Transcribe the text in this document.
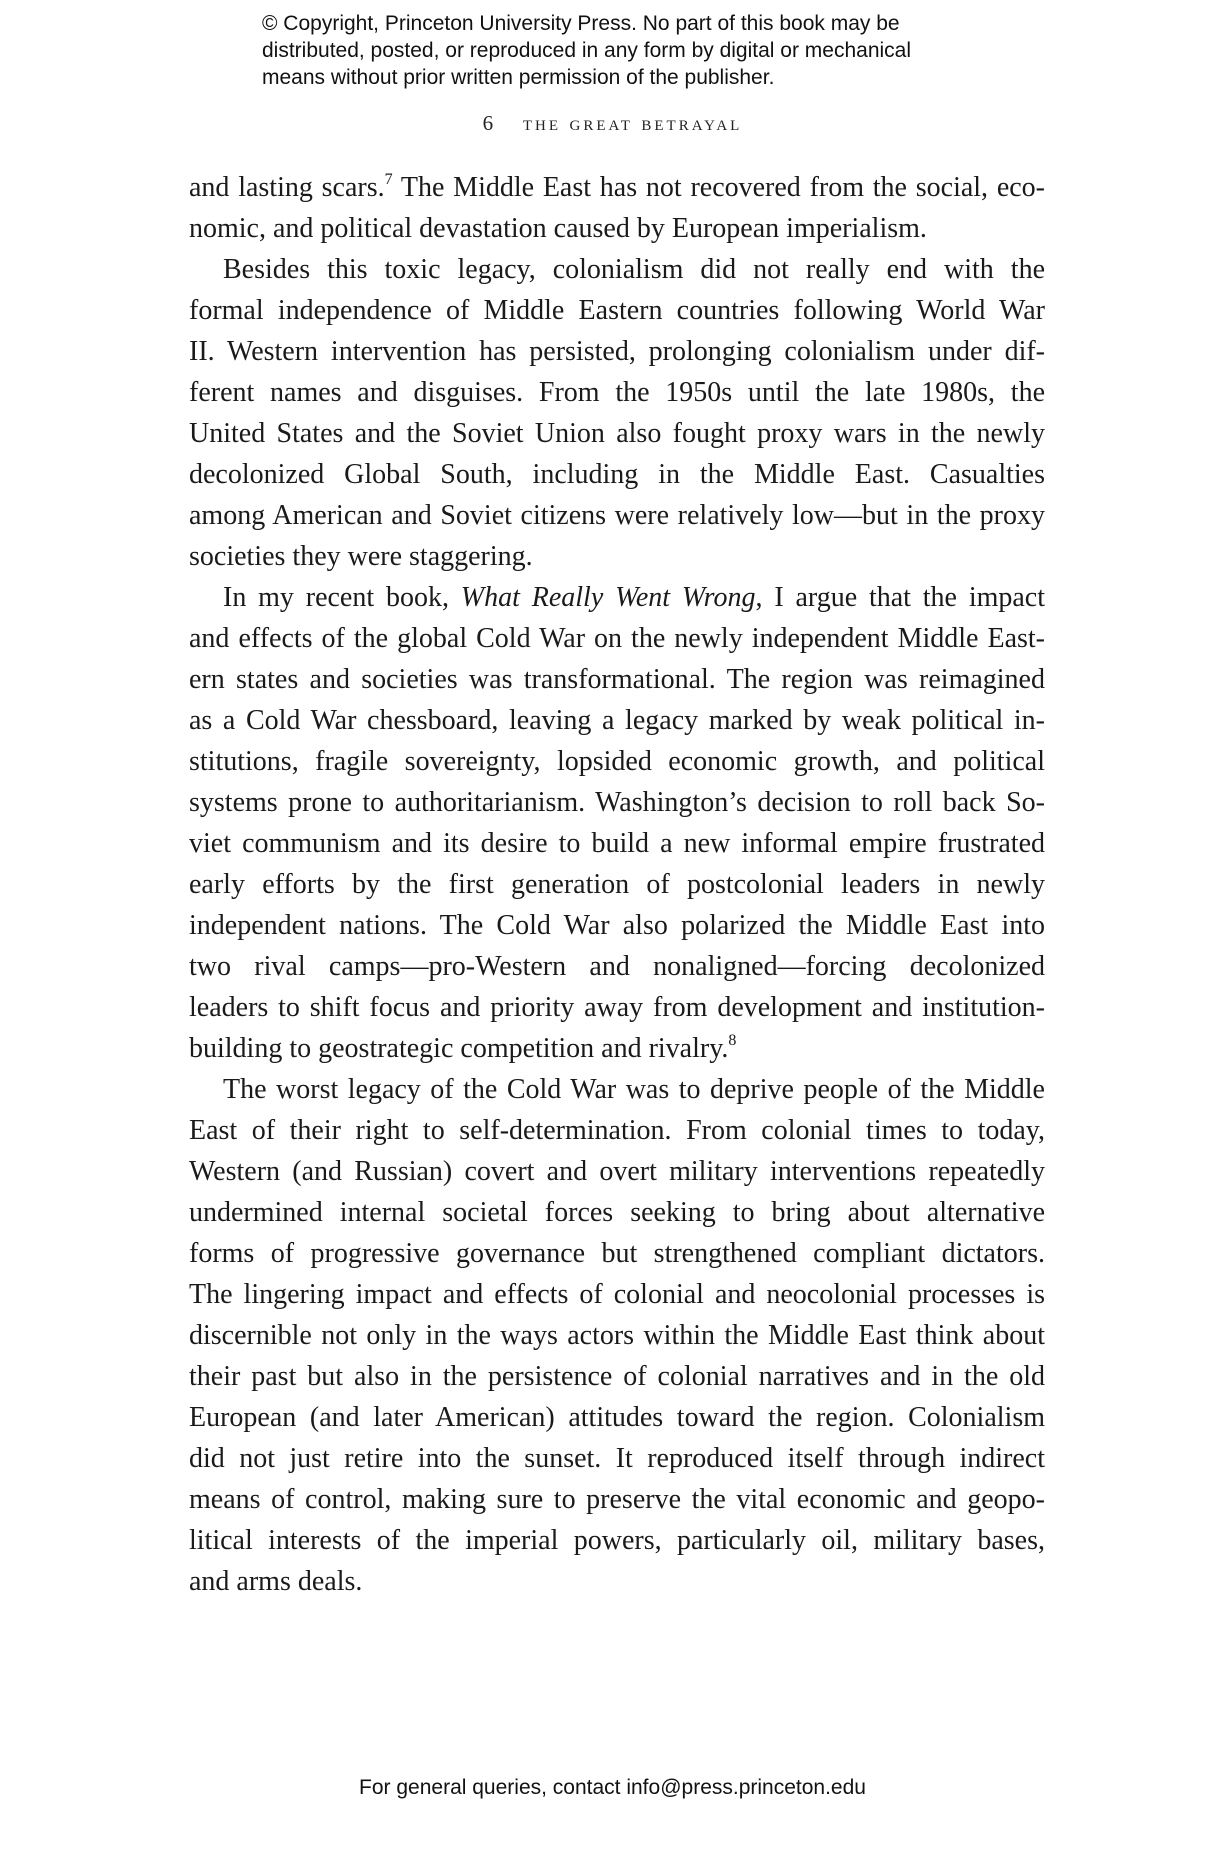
© Copyright, Princeton University Press. No part of this book may be
distributed, posted, or reproduced in any form by digital or mechanical
means without prior written permission of the publisher.
6 the great betrayal
and lasting scars.$^7$ The Middle East has not recovered from the social, eco-
nomic, and political devastation caused by European imperialism.
Besides this toxic legacy, colonialism did not really end with the
formal independence of Middle Eastern countries following World War
II. Western intervention has persisted, prolonging colonialism under dif-
ferent names and disguises. From the 1950s until the late 1980s, the
United States and the Soviet Union also fought proxy wars in the newly
decolonized Global South, including in the Middle East. Casualties
among American and Soviet citizens were relatively low—but in the proxy
societies they were staggering.
In my recent book, What Really Went Wrong, I argue that the impact
and effects of the global Cold War on the newly independent Middle East-
ern states and societies was transformational. The region was reimagined
as a Cold War chessboard, leaving a legacy marked by weak political in-
stitutions, fragile sovereignty, lopsided economic growth, and political
systems prone to authoritarianism. Washington’s decision to roll back So-
viet communism and its desire to build a new informal empire frustrated
early efforts by the first generation of postcolonial leaders in newly
independent nations. The Cold War also polarized the Middle East into
two rival camps—pro-Western and nonaligned—forcing decolonized
leaders to shift focus and priority away from development and institution-
building to geostrategic competition and rivalry.$^8$
The worst legacy of the Cold War was to deprive people of the Middle
East of their right to self-determination. From colonial times to today,
Western (and Russian) covert and overt military interventions repeatedly
undermined internal societal forces seeking to bring about alternative
forms of progressive governance but strengthened compliant dictators.
The lingering impact and effects of colonial and neocolonial processes is
discernible not only in the ways actors within the Middle East think about
their past but also in the persistence of colonial narratives and in the old
European (and later American) attitudes toward the region. Colonialism
did not just retire into the sunset. It reproduced itself through indirect
means of control, making sure to preserve the vital economic and geopo-
litical interests of the imperial powers, particularly oil, military bases,
and arms deals.
For general queries, contact info@press.princeton.edu
